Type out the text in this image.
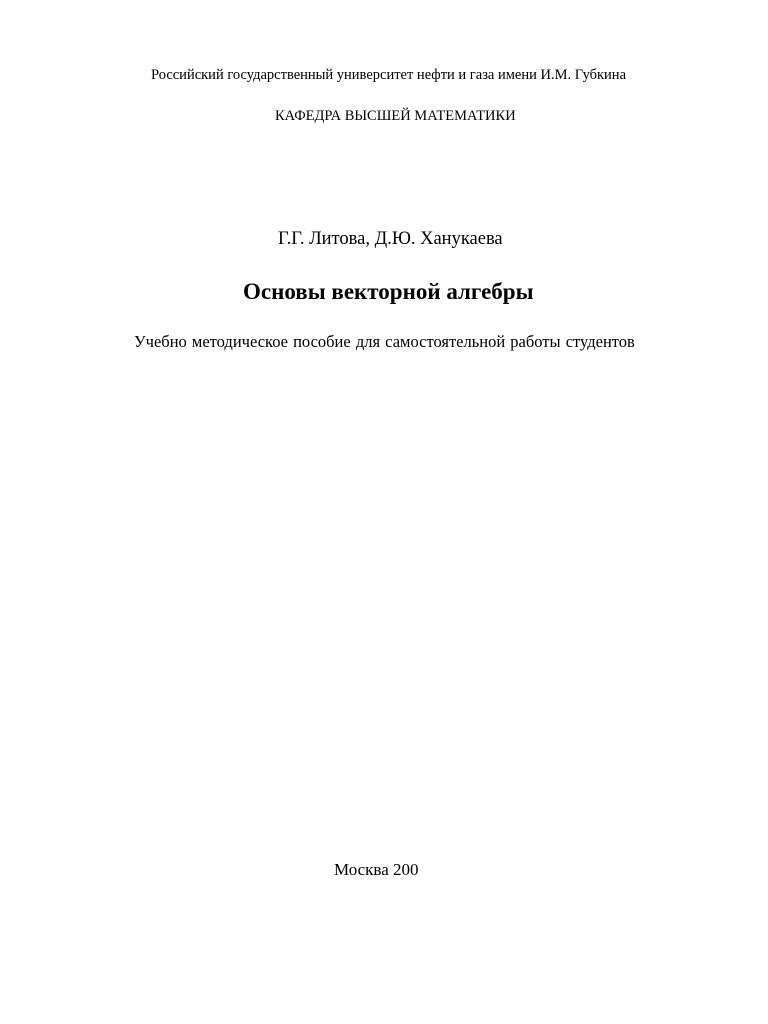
Российский государственный университет нефти и газа имени И.М. Губкина
КАФЕДРА ВЫСШЕЙ МАТЕМАТИКИ
Г.Г. Литова, Д.Ю. Ханукаева
Основы векторной алгебры
Учебно методическое пособие для самостоятельной работы студентов
Москва 200
